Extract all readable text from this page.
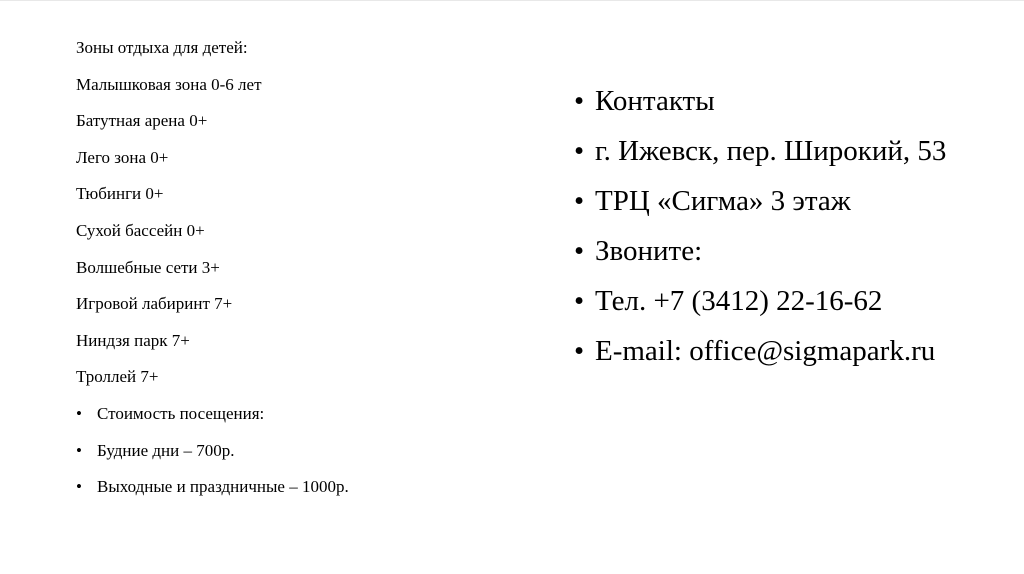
Зоны отдыха для детей:
Малышковая зона 0-6 лет
Батутная арена 0+
Лего зона 0+
Тюбинги 0+
Сухой бассейн 0+
Волшебные сети 3+
Игровой лабиринт 7+
Ниндзя парк 7+
Троллей 7+
• Стоимость посещения:
• Будние дни – 700р.
• Выходные и праздничные – 1000р.
• Контакты
• г. Ижевск, пер. Широкий, 53
• ТРЦ «Сигма» 3 этаж
• Звоните:
• Тел. +7 (3412) 22-16-62
• E-mail: office@sigmapark.ru
